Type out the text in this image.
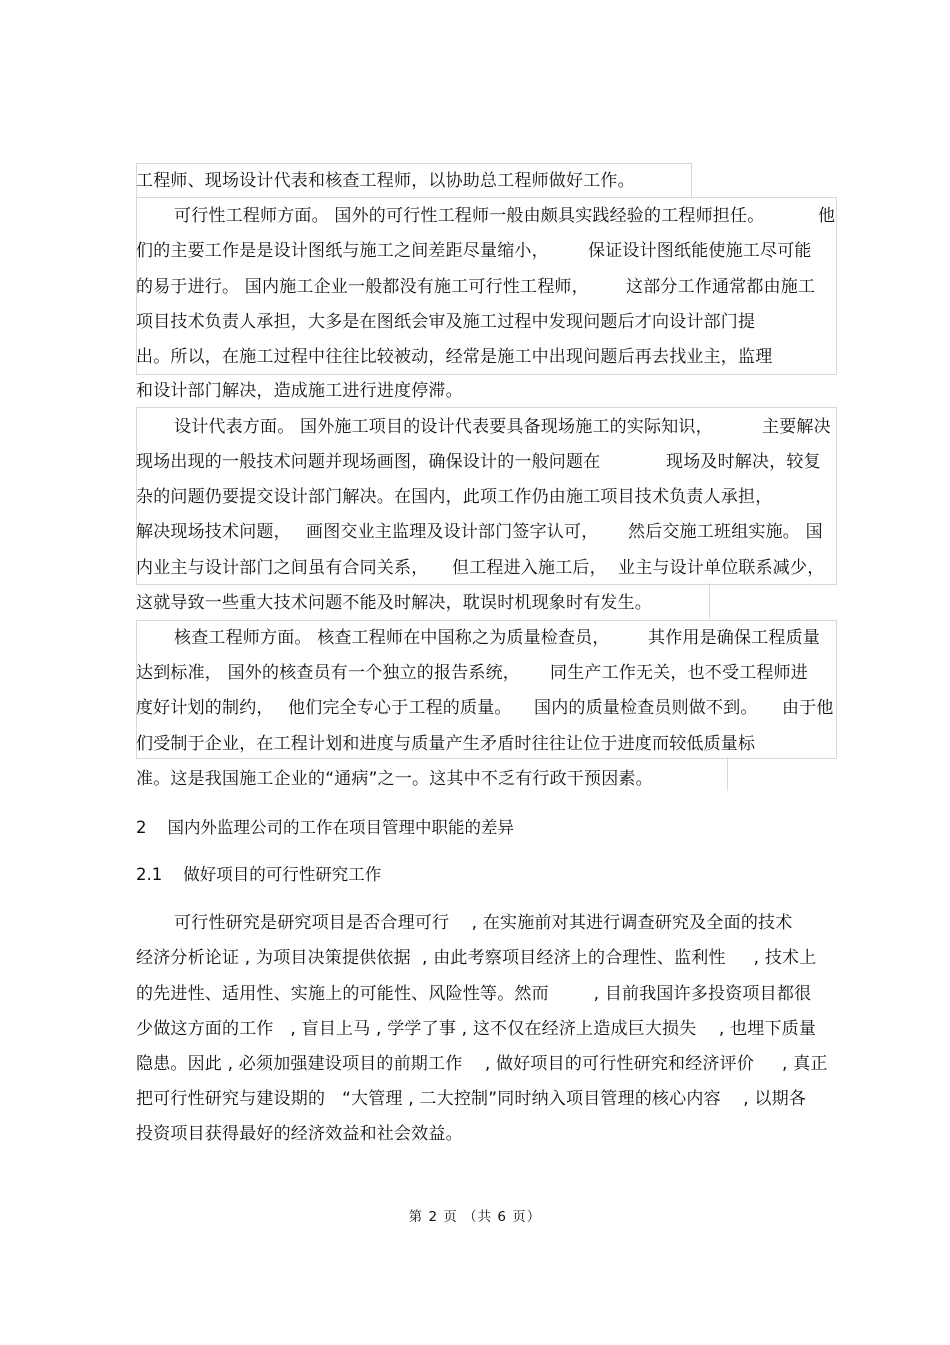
工程师、现场设计代表和核查工程师，以协助总工程师做好工作。
可行性工程师方面。 国外的可行性工程师一般由颇具实践经验的工程师担任。	他
们的主要工作是是设计图纸与施工之间差距尽量缩小， 保证设计图纸能使施工尽可能
的易于进行。 国内施工企业一般都没有施工可行性工程师， 这部分工作通常都由施工
项目技术负责人承担，大多是在图纸会审及施工过程中发现问题后才向设计部门提
出。所以，在施工过程中往往比较被动，经常是施工中出现问题后再去找业主，监理
和设计部门解决，造成施工进行进度停滞。
设计代表方面。 国外施工项目的设计代表要具备现场施工的实际知识，	主要解决
现场出现的一般技术问题并现场画图，确保设计的一般问题在	现场及时解决，较复
杂的问题仍要提交设计部门解决。在国内，此项工作仍由施工项目技术负责人承担，
解决现场技术问题， 画图交业主监理及设计部门签字认可， 然后交施工班组实施。 国
内业主与设计部门之间虽有合同关系， 但工程进入施工后， 业主与设计单位联系减少，
这就导致一些重大技术问题不能及时解决，耽误时机现象时有发生。
核查工程师方面。 核查工程师在中国称之为质量检查员， 其作用是确保工程质量
达到标准， 国外的核查员有一个独立的报告系统， 同生产工作无关，也不受工程师进
度好计划的制约， 他们完全专心于工程的质量。 国内的质量检查员则做不到。 由于他
们受制于企业，在工程计划和进度与质量产生矛盾时往往让位于进度而较低质量标
准。这是我国施工企业的“通病”之一。这其中不乏有行政干预因素。
2    国内外监理公司的工作在项目管理中职能的差异
2.1    做好项目的可行性研究工作
可行性研究是研究项目是否合理可行    , 在实施前对其进行调查研究及全面的技术
经济分析论证 , 为项目决策提供依据  , 由此考察项目经济上的合理性、监利性     , 技术上
的先进性、适用性、实施上的可能性、风险性等。然而        , 目前我国许多投资项目都很
少做这方面的工作   , 盲目上马 , 学学了事 , 这不仅在经济上造成巨大损失    , 也埋下质量
隐患。因此 , 必须加强建设项目的前期工作    , 做好项目的可行性研究和经济评价     , 真正
把可行性研究与建设期的   “大管理 , 二大控制”同时纳入项目管理的核心内容    , 以期各
投资项目获得最好的经济效益和社会效益。
第 2 页 （共 6 页）
